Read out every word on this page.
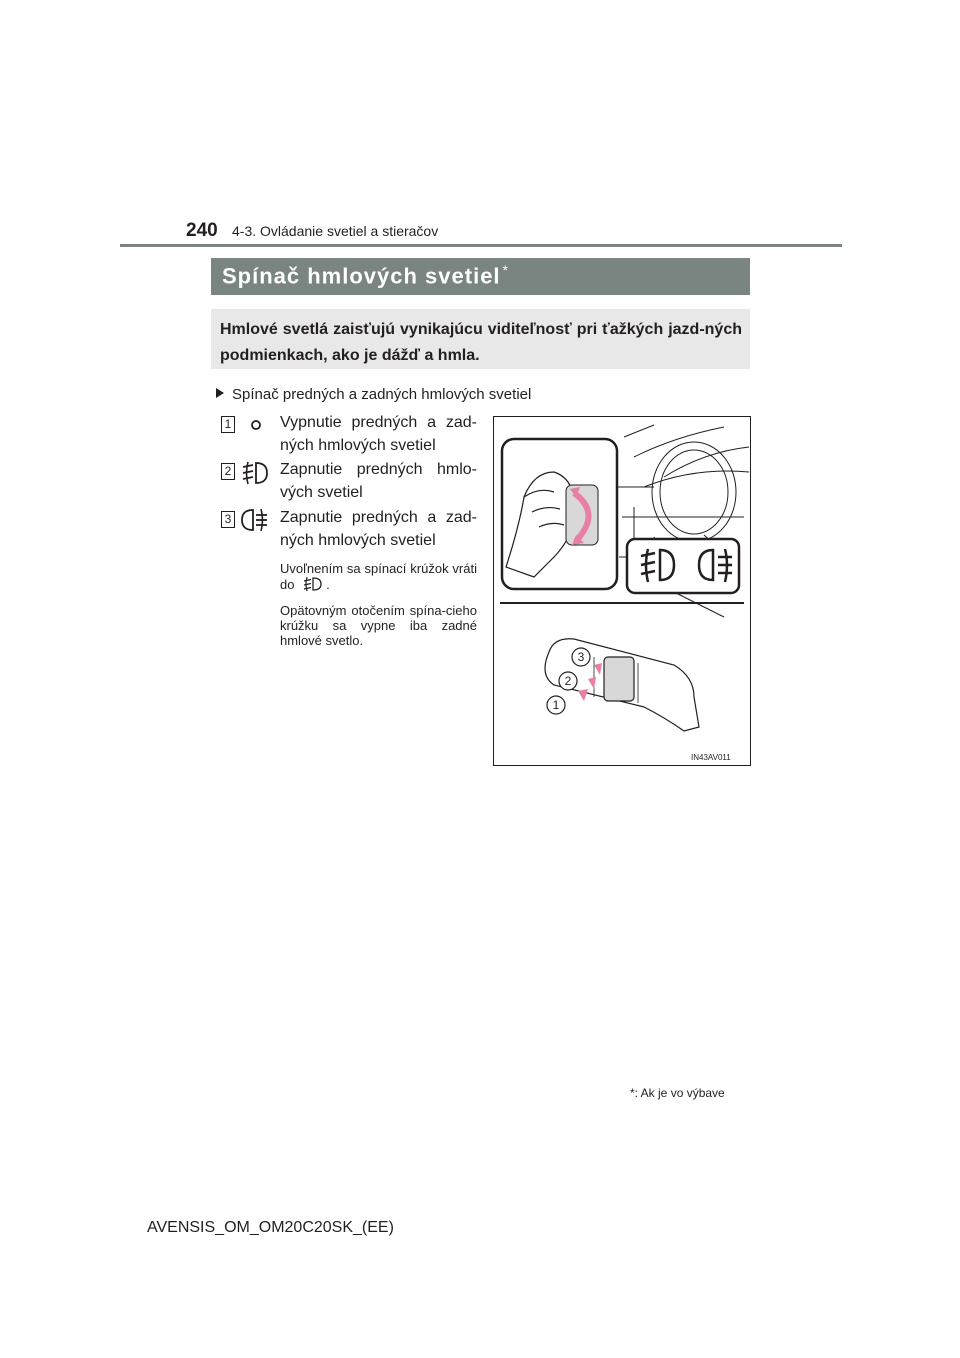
240 4-3. Ovládanie svetiel a stieračov
Spínač hmlových svetiel *
Hmlové svetlá zaisťujú vynikajúcu viditeľnosť pri ťažkých jazd-ných podmienkach, ako je dážď a hmla.
Spínač predných a zadných hmlových svetiel
1	Vypnutie predných a zad-ných hmlových svetiel
2	Zapnutie predných hmlo-vých svetiel
3	Zapnutie predných a zad-ných hmlových svetiel
Uvoľnením sa spínací krúžok vráti do .
Opätovným otočením spína-cieho krúžku sa vypne iba zadné hmlové svetlo.
3
2
1
IN43AV011
*: Ak je vo výbave
AVENSIS_OM_OM20C20SK_(EE)
